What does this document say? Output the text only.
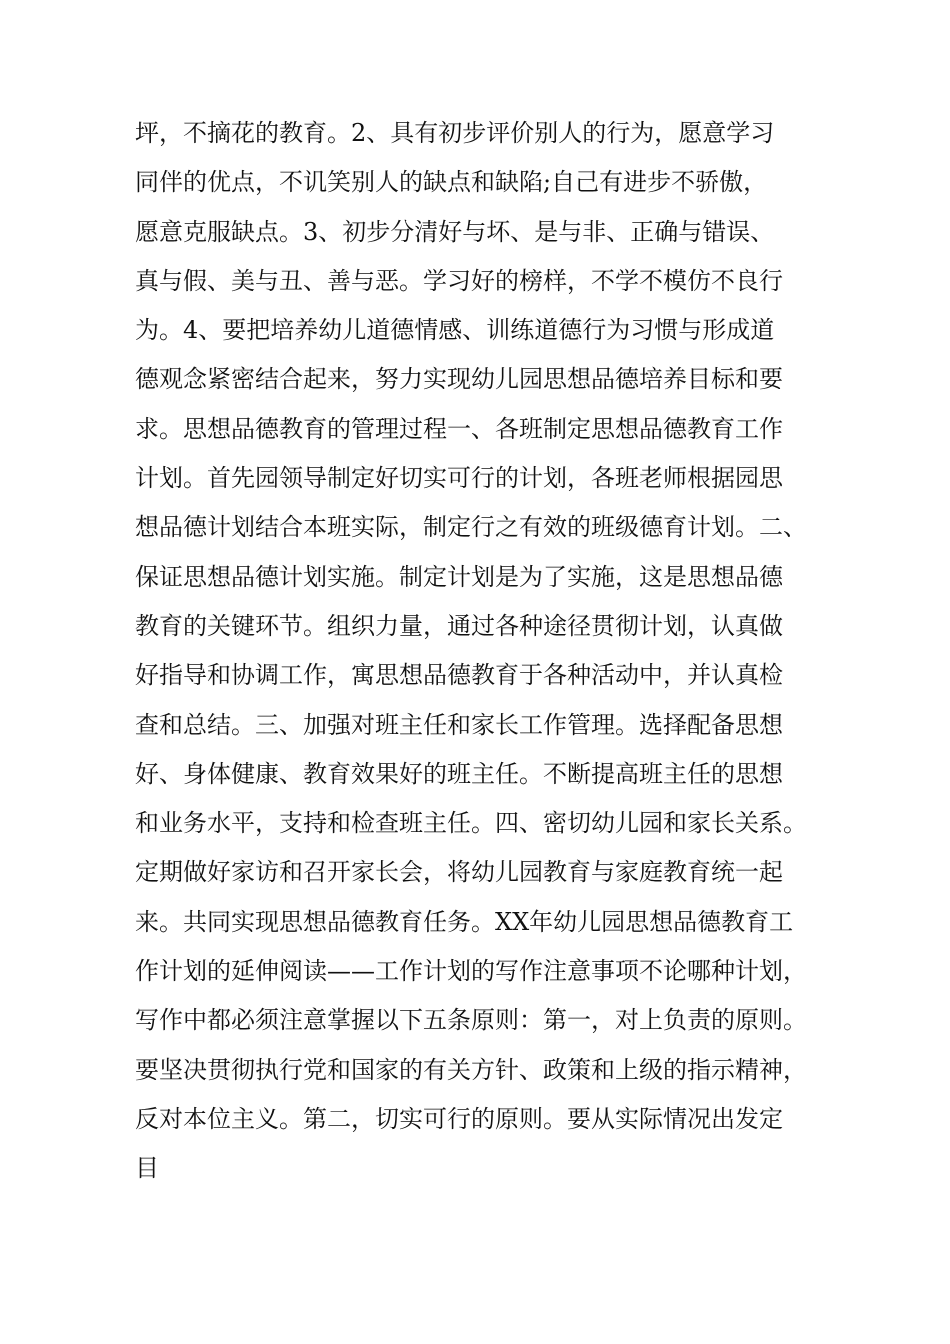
坪，不摘花的教育。2、具有初步评价别人的行为，愿意学习
同伴的优点，不讥笑别人的缺点和缺陷;自己有进步不骄傲，
愿意克服缺点。3、初步分清好与坏、是与非、正确与错误、
真与假、美与丑、善与恶。学习好的榜样，不学不模仿不良行
为。4、要把培养幼儿道德情感、训练道德行为习惯与形成道
德观念紧密结合起来，努力实现幼儿园思想品德培养目标和要
求。思想品德教育的管理过程一、各班制定思想品德教育工作
计划。首先园领导制定好切实可行的计划，各班老师根据园思
想品德计划结合本班实际，制定行之有效的班级德育计划。二、
保证思想品德计划实施。制定计划是为了实施，这是思想品德
教育的关键环节。组织力量，通过各种途径贯彻计划，认真做
好指导和协调工作，寓思想品德教育于各种活动中，并认真检
查和总结。三、加强对班主任和家长工作管理。选择配备思想
好、身体健康、教育效果好的班主任。不断提高班主任的思想
和业务水平，支持和检查班主任。四、密切幼儿园和家长关系。
定期做好家访和召开家长会，将幼儿园教育与家庭教育统一起
来。共同实现思想品德教育任务。XX年幼儿园思想品德教育工
作计划的延伸阅读——工作计划的写作注意事项不论哪种计划，
写作中都必须注意掌握以下五条原则：第一，对上负责的原则。
要坚决贯彻执行党和国家的有关方针、政策和上级的指示精神，
反对本位主义。第二，切实可行的原则。要从实际情况出发定
目
